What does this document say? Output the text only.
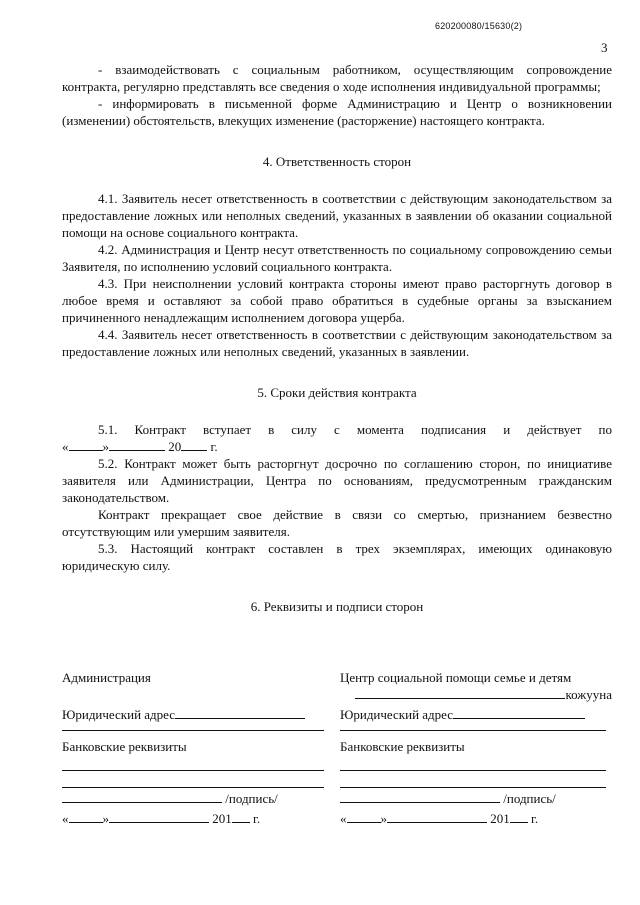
620200080/15630(2)
3

- взаимодействовать с социальным работником, осуществляющим сопровождение контракта, регулярно представлять все сведения о ходе исполнения индивидуальной программы;

- информировать в письменной форме Администрацию и Центр о возникновении (изменении) обстоятельств, влекущих изменение (расторжение) настоящего контракта.

4. Ответственность сторон

4.1. Заявитель несет ответственность в соответствии с действующим законодательством за предоставление ложных или неполных сведений, указанных в заявлении об оказании социальной помощи на основе социального контракта.

4.2. Администрация и Центр несут ответственность по социальному сопровождению семьи Заявителя, по исполнению условий социального контракта.

4.3. При неисполнении условий контракта стороны имеют право расторгнуть договор в любое время и оставляют за собой право обратиться в судебные органы за взысканием причиненного ненадлежащим исполнением договора ущерба.

4.4. Заявитель несет ответственность в соответствии с действующим законодательством за предоставление ложных или неполных сведений, указанных в заявлении.

5. Сроки действия контракта

5.1. Контракт вступает в силу с момента подписания и действует по

«	»	20 г.

5.2. Контракт может быть расторгнут досрочно по соглашению сторон, по инициативе заявителя или Администрации, Центра по основаниям, предусмотренным гражданским законодательством.

Контракт прекращает свое действие в связи со смертью, признанием безвестно отсутствующим или умершим заявителя.

5.3. Настоящий контракт составлен в трех экземплярах, имеющих одинаковую юридическую силу.

6. Реквизиты и подписи сторон

Администрация
Юридический адрес
Банковские реквизиты
/подпись/
«	»	201 г.
Центр социальной помощи семье и детям
кожууна
Юридический адрес
Банковские реквизиты
/подпись/
«	»	201 г.
